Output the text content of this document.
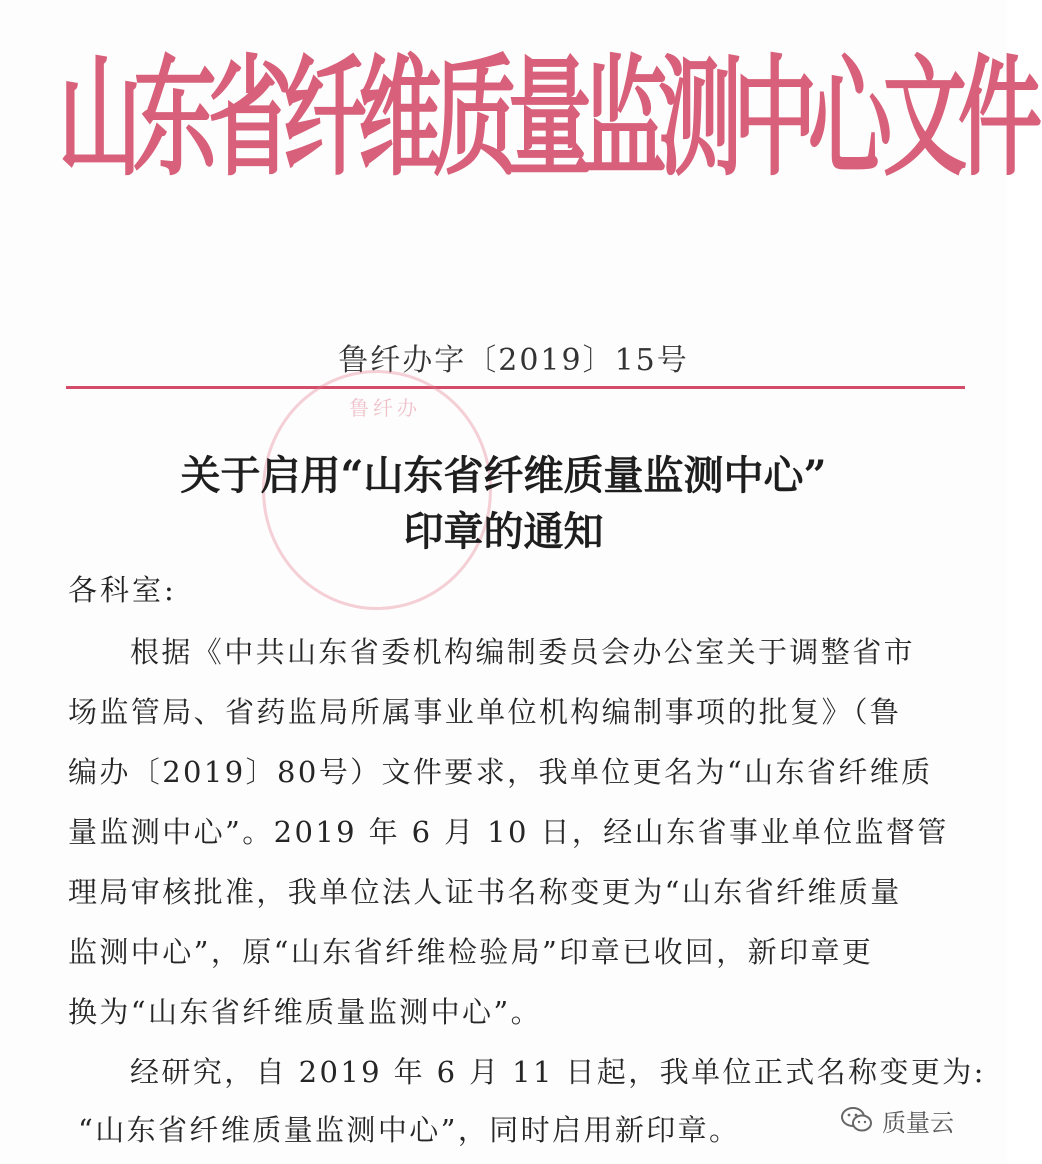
山
东
省
纤
维
质
量
监
测
中
心
文
件
鲁纤办字〔2019〕15号
鲁纤办
关于启用“山东省纤维质量监测中心”
印章的通知
各科室:
根据《中共山东省委机构编制委员会办公室关于调整省市
场监管局、省药监局所属事业单位机构编制事项的批复》（鲁
编办〔2019〕80号）文件要求，我单位更名为“山东省纤维质
量监测中心”。2019 年 6 月 10 日，经山东省事业单位监督管
理局审核批准，我单位法人证书名称变更为“山东省纤维质量
监测中心”，原“山东省纤维检验局”印章已收回，新印章更
换为“山东省纤维质量监测中心”。
经研究，自 2019 年 6 月 11 日起，我单位正式名称变更为:
“山东省纤维质量监测中心”，同时启用新印章。	质量云
